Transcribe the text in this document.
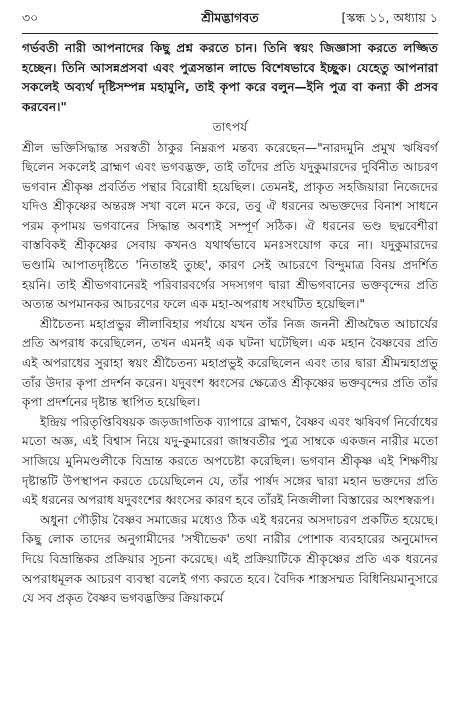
৩০	শ্রীমদ্ভাগবত	[স্কন্ধ ১১, অধ্যায় ১

গর্ভবতী নারী আপনাদের কিছু প্রশ্ন করতে চান। তিনি স্বয়ং জিজ্ঞাসা করতে লজ্জিত হচ্ছেন। তিনি আসন্নপ্রসবা এবং পুত্রসন্তান লাভে বিশেষভাবে ইচ্ছুক। যেহেতু আপনারা সকলেই অব্যর্থ দৃষ্টিসম্পন্ন মহামুনি, তাই কৃপা করে বলুন—ইনি পুত্র বা কন্যা কী প্রসব করবেন।"

তাৎপর্য

শ্রীল ভক্তিসিদ্ধান্ত সরস্বতী ঠাকুর নিম্নরূপ মন্তব্য করেছেন—"নারদমুনি প্রমুখ ঋষিবর্গ ছিলেন সকলেই ব্রাহ্মণ এবং ভগবদ্ভক্ত, তাই তাঁদের প্রতি যদুকুমারদের দুর্বিনীত আচরণ ভগবান শ্রীকৃষ্ণ প্রবর্তিত পন্থার বিরোধী হয়েছিল। তেমনই, প্রাকৃত সহজিয়ারা নিজেদের যদিও শ্রীকৃষ্ণের অন্তরঙ্গ সখা বলে মনে করে, তবু ঐ ধরনের অভক্তদের বিনাশ সাধনে পরম কৃপাময় ভগবানের সিদ্ধান্ত অবশ্যই সম্পূর্ণ সঠিক। ঐ ধরনের ভণ্ড ছদ্মবেশীরা বাস্তবিকই শ্রীকৃষ্ণের সেবায় কখনও যথার্থভাবে মনঃসংযোগ করে না। যদুকুমারদের ভণ্ডামি আপাতদৃষ্টিতে 'নিতান্তই তুচ্ছ', কারণ সেই আচরণে বিন্দুমাত্র বিনয় প্রদর্শিত হয়নি। তাই শ্রীভগবানেরই পরিবারবর্গের সদস্যগণ দ্বারা শ্রীভগবানের ভক্তবৃন্দের প্রতি অত্যন্ত অপমানকর আচরণের ফলে এক মহা-অপরাধ সংঘটিত হয়েছিল।"

শ্রীচৈতন্য মহাপ্রভুর লীলাবিহার পর্যায়ে যখন তাঁর নিজ জননী শ্রীঅদ্বৈত আচার্যের প্রতি অপরাধ করেছিলেন, তখন এমনই এক ঘটনা ঘটেছিল। এক মহান বৈষ্ণবের প্রতি এই অপরাধের সুরাহা স্বয়ং শ্রীচৈতন্য মহাপ্রভুই করেছিলেন এবং তার দ্বারা শ্রীমন্মহাপ্রভু তাঁর উদার কৃপা প্রদর্শন করেন। যদুবংশ ধ্বংসের ক্ষেত্রেও শ্রীকৃষ্ণের ভক্তবৃন্দের প্রতি তাঁর কৃপা প্রদর্শনের দৃষ্টান্ত স্থাপিত হয়েছিল।

ইন্দ্রিয় পরিতৃপ্তিবিষয়ক জড়জাগতিক ব্যাপারে ব্রাহ্মণ, বৈষ্ণব এবং ঋষিবর্গ নির্বোধের মতো অজ্ঞ, এই বিশ্বাস নিয়ে যদু-কুমারেরা জাম্ববতীর পুত্র সাম্বকে একজন নারীর মতো সাজিয়ে মুনিমণ্ডলীকে বিভ্রান্ত করতে অপচেষ্টা করেছিল। ভগবান শ্রীকৃষ্ণ এই শিক্ষণীয় দৃষ্টান্তটি উপস্থাপন করতে চেয়েছিলেন যে, তাঁর পার্ষদ সঙ্গের দ্বারা মহান ভক্তদের প্রতি এই ধরনের অপরাধ যদুবংশের ধ্বংসের কারণ হবে তাঁরই নিজলীলা বিস্তারের অংশস্বরূপ।

অধুনা গৌড়ীয় বৈষ্ণব সমাজের মধ্যেও ঠিক এই ধরনের অসদাচরণ প্রকটিত হয়েছে। কিছু লোক তাদের অনুগামীদের 'সখীভেক' তথা নারীর পোশাক ব্যবহারের অনুমোদন দিয়ে বিভ্রান্তিকর প্রক্রিয়ার সূচনা করেছে। এই প্রক্রিয়াটিকে শ্রীকৃষ্ণের প্রতি এক ধরনের অপরাধমূলক আচরণ ব্যবস্থা বলেই গণ্য করতে হবে। বৈদিক শাস্ত্রসম্মত বিধিনিয়মানুসারে যে সব প্রকৃত বৈষ্ণব ভগবদ্ভক্তির ক্রিয়াকর্মে
